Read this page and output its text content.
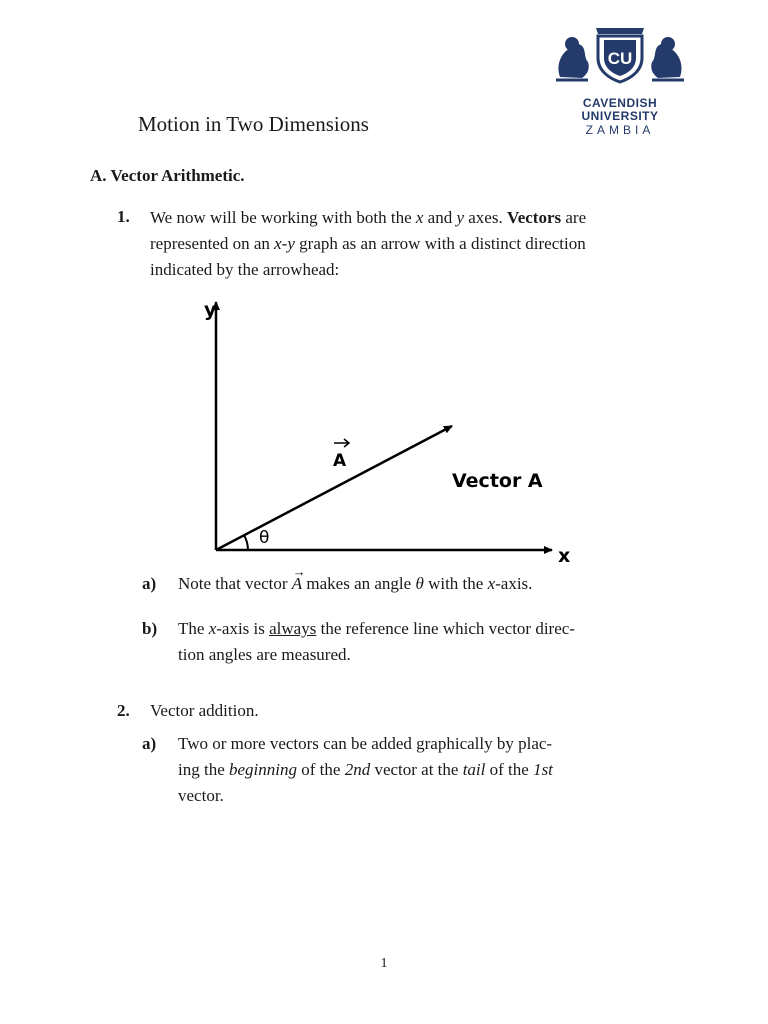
CU
CAVENDISH
UNIVERSITY
ZAMBIA
Motion in Two Dimensions
A. Vector Arithmetic.
1. We now will be working with both the x and y axes. Vectors are
represented on an x-y graph as an arrow with a distinct direction
indicated by the arrowhead:
y
x
A
Vector A
θ
a) Note that vector
→
A makes an angle θ with the x-axis.
b) The x-axis is always the reference line which vector direc-
tion angles are measured.
2. Vector addition.
a) Two or more vectors can be added graphically by plac-
ing the beginning of the 2nd vector at the tail of the 1st
vector.
1
